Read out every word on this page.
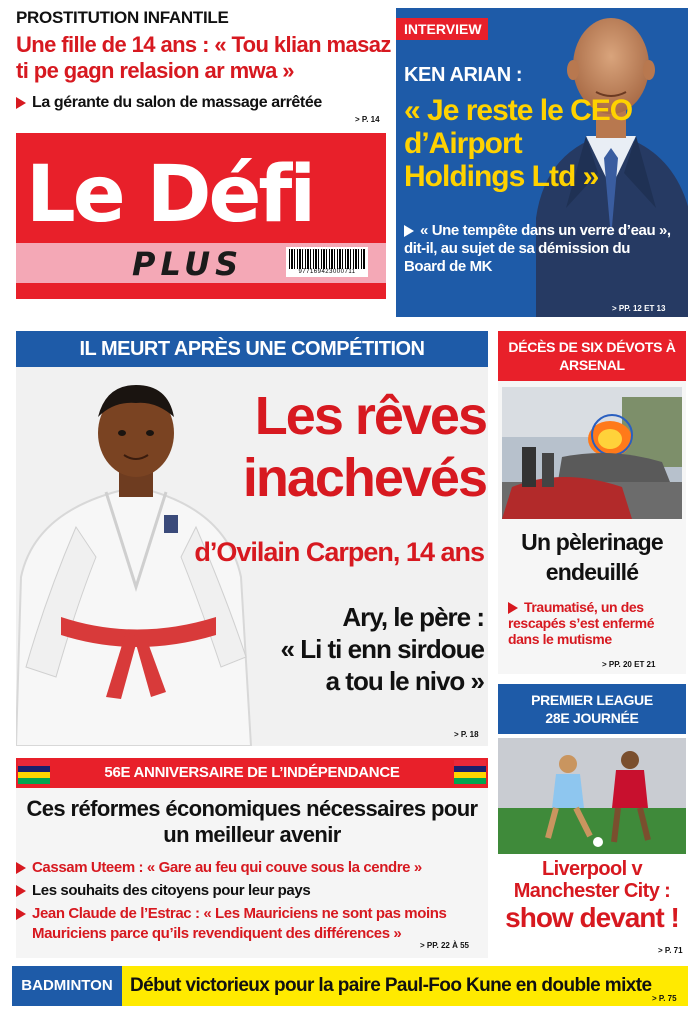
PROSTITUTION INFANTILE
Une fille de 14 ans : « Tou klian masaz ti pe gagn relasion ar mwa »
La gérante du salon de massage arrêtée
> P. 14
Le Défi
PLUS	977169423000711
NO 1462 - DU 9 AU 15 MARS 2024 - 80 pages - Rs 25.00
INTERVIEW
KEN ARIAN :
« Je reste le CEO d’Airport Holdings Ltd »
« Une tempête dans un verre d’eau », dit-il, au sujet de sa démission du Board de MK
> PP. 12 ET 13
IL MEURT APRÈS UNE COMPÉTITION
Les rêves
inachevés
d’Ovilain Carpen, 14 ans
Ary, le père :
« Li ti enn sirdoue
a tou le nivo »
> P. 18
DÉCÈS DE SIX DÉVOTS À ARSENAL
Un pèlerinage endeuillé
Traumatisé, un des rescapés s’est enfermé dans le mutisme
> PP. 20 ET 21
PREMIER LEAGUE
28E JOURNÉE
Liverpool v Manchester City :
show devant !
> P. 71
56E ANNIVERSAIRE DE L’INDÉPENDANCE
Ces réformes économiques nécessaires pour un meilleur avenir
Cassam Uteem : « Gare au feu qui couve sous la cendre »
Les souhaits des citoyens pour leur pays
Jean Claude de l’Estrac : « Les Mauriciens ne sont pas moins Mauriciens parce qu’ils revendiquent des différences »
> PP. 22 À 55
BADMINTON Début victorieux pour la paire Paul-Foo Kune en double mixte
> P. 75
